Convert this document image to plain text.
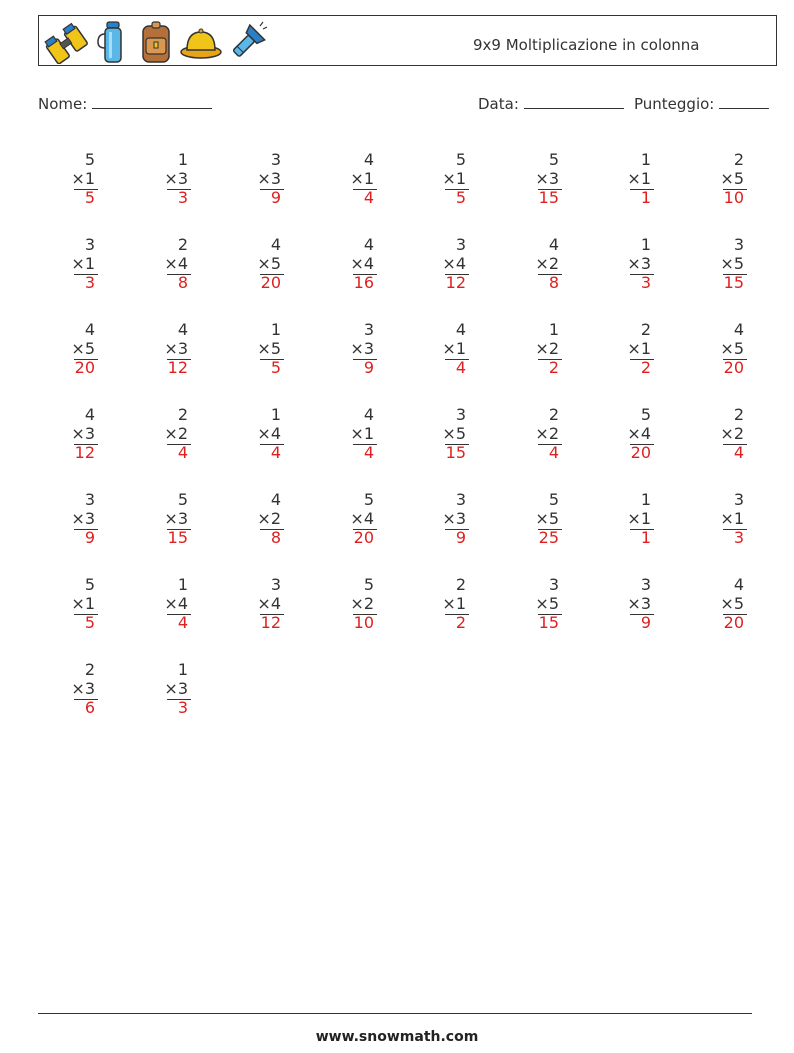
9x9 Moltiplicazione in colonna
Nome:	Data:	Punteggio:
5
×1
5
1
×3
3
3
×3
9
4
×1
4
5
×1
5
5
×3
15
1
×1
1
2
×5
10
3
×1
3
2
×4
8
4
×5
20
4
×4
16
3
×4
12
4
×2
8
1
×3
3
3
×5
15
4
×5
20
4
×3
12
1
×5
5
3
×3
9
4
×1
4
1
×2
2
2
×1
2
4
×5
20
4
×3
12
2
×2
4
1
×4
4
4
×1
4
3
×5
15
2
×2
4
5
×4
20
2
×2
4
3
×3
9
5
×3
15
4
×2
8
5
×4
20
3
×3
9
5
×5
25
1
×1
1
3
×1
3
5
×1
5
1
×4
4
3
×4
12
5
×2
10
2
×1
2
3
×5
15
3
×3
9
4
×5
20
2
×3
6
1
×3
3
www.snowmath.com
